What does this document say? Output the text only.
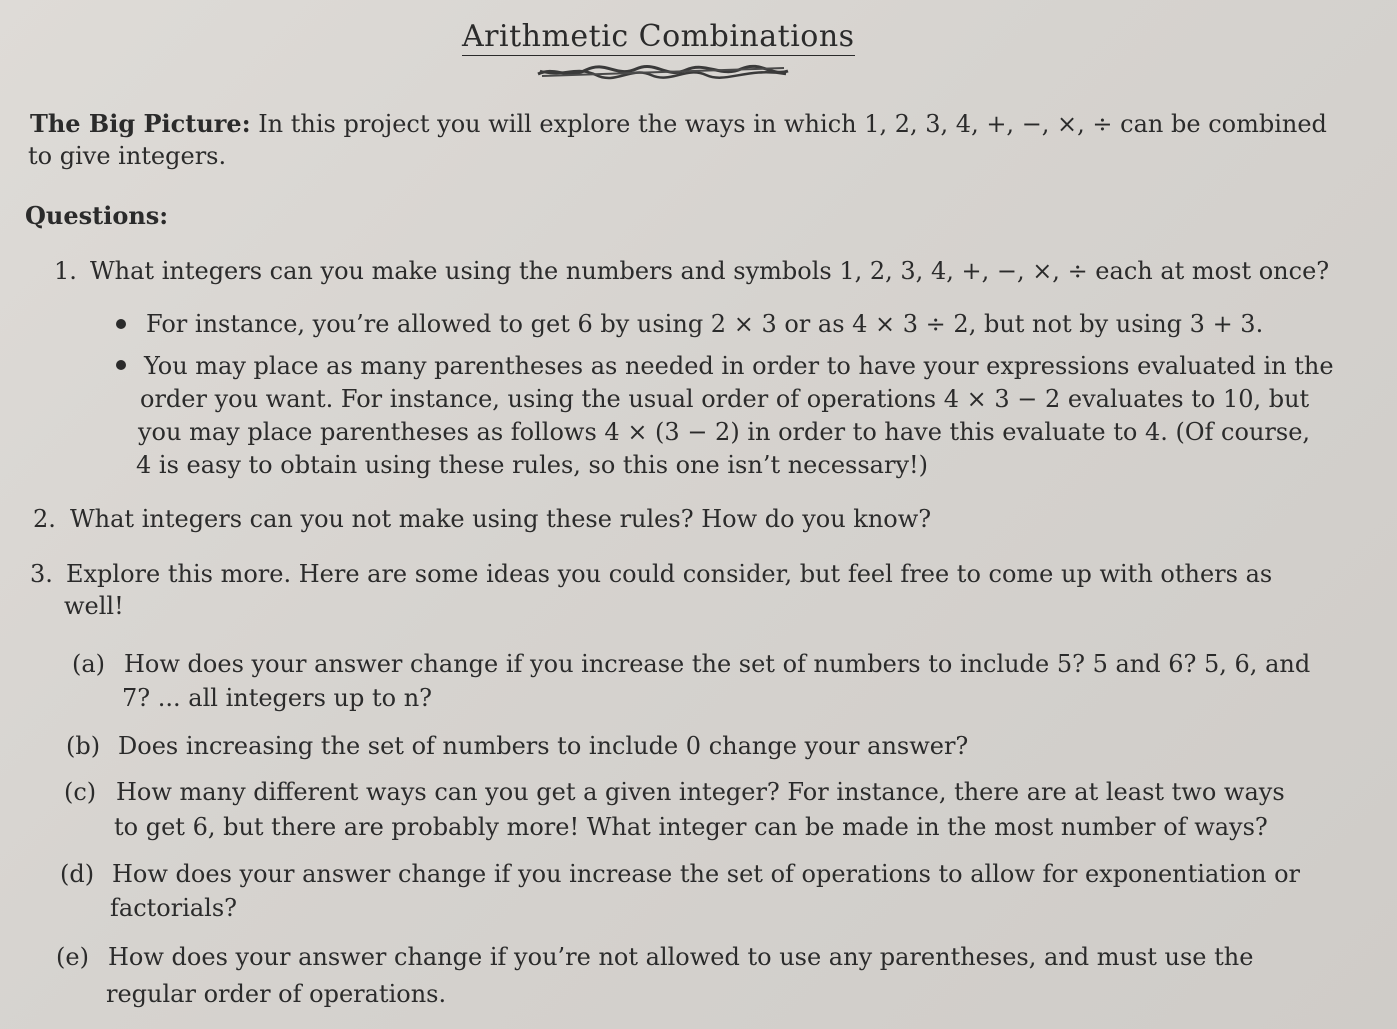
Arithmetic Combinations

The Big Picture: In this project you will explore the ways in which 1, 2, 3, 4, +, −, ×, ÷ can be combined

to give integers.

Questions:

1. What integers can you make using the numbers and symbols 1, 2, 3, 4, +, −, ×, ÷ each at most once?

For instance, you’re allowed to get 6 by using 2 × 3 or as 4 × 3 ÷ 2, but not by using 3 + 3.

You may place as many parentheses as needed in order to have your expressions evaluated in the

order you want. For instance, using the usual order of operations 4 × 3 − 2 evaluates to 10, but

you may place parentheses as follows 4 × (3 − 2) in order to have this evaluate to 4. (Of course,

4 is easy to obtain using these rules, so this one isn’t necessary!)

2. What integers can you not make using these rules? How do you know?

3. Explore this more. Here are some ideas you could consider, but feel free to come up with others as

well!

(a) How does your answer change if you increase the set of numbers to include 5? 5 and 6? 5, 6, and

7? ... all integers up to n?

(b) Does increasing the set of numbers to include 0 change your answer?

(c) How many different ways can you get a given integer? For instance, there are at least two ways

to get 6, but there are probably more! What integer can be made in the most number of ways?

(d) How does your answer change if you increase the set of operations to allow for exponentiation or

factorials?

(e) How does your answer change if you’re not allowed to use any parentheses, and must use the

regular order of operations.
